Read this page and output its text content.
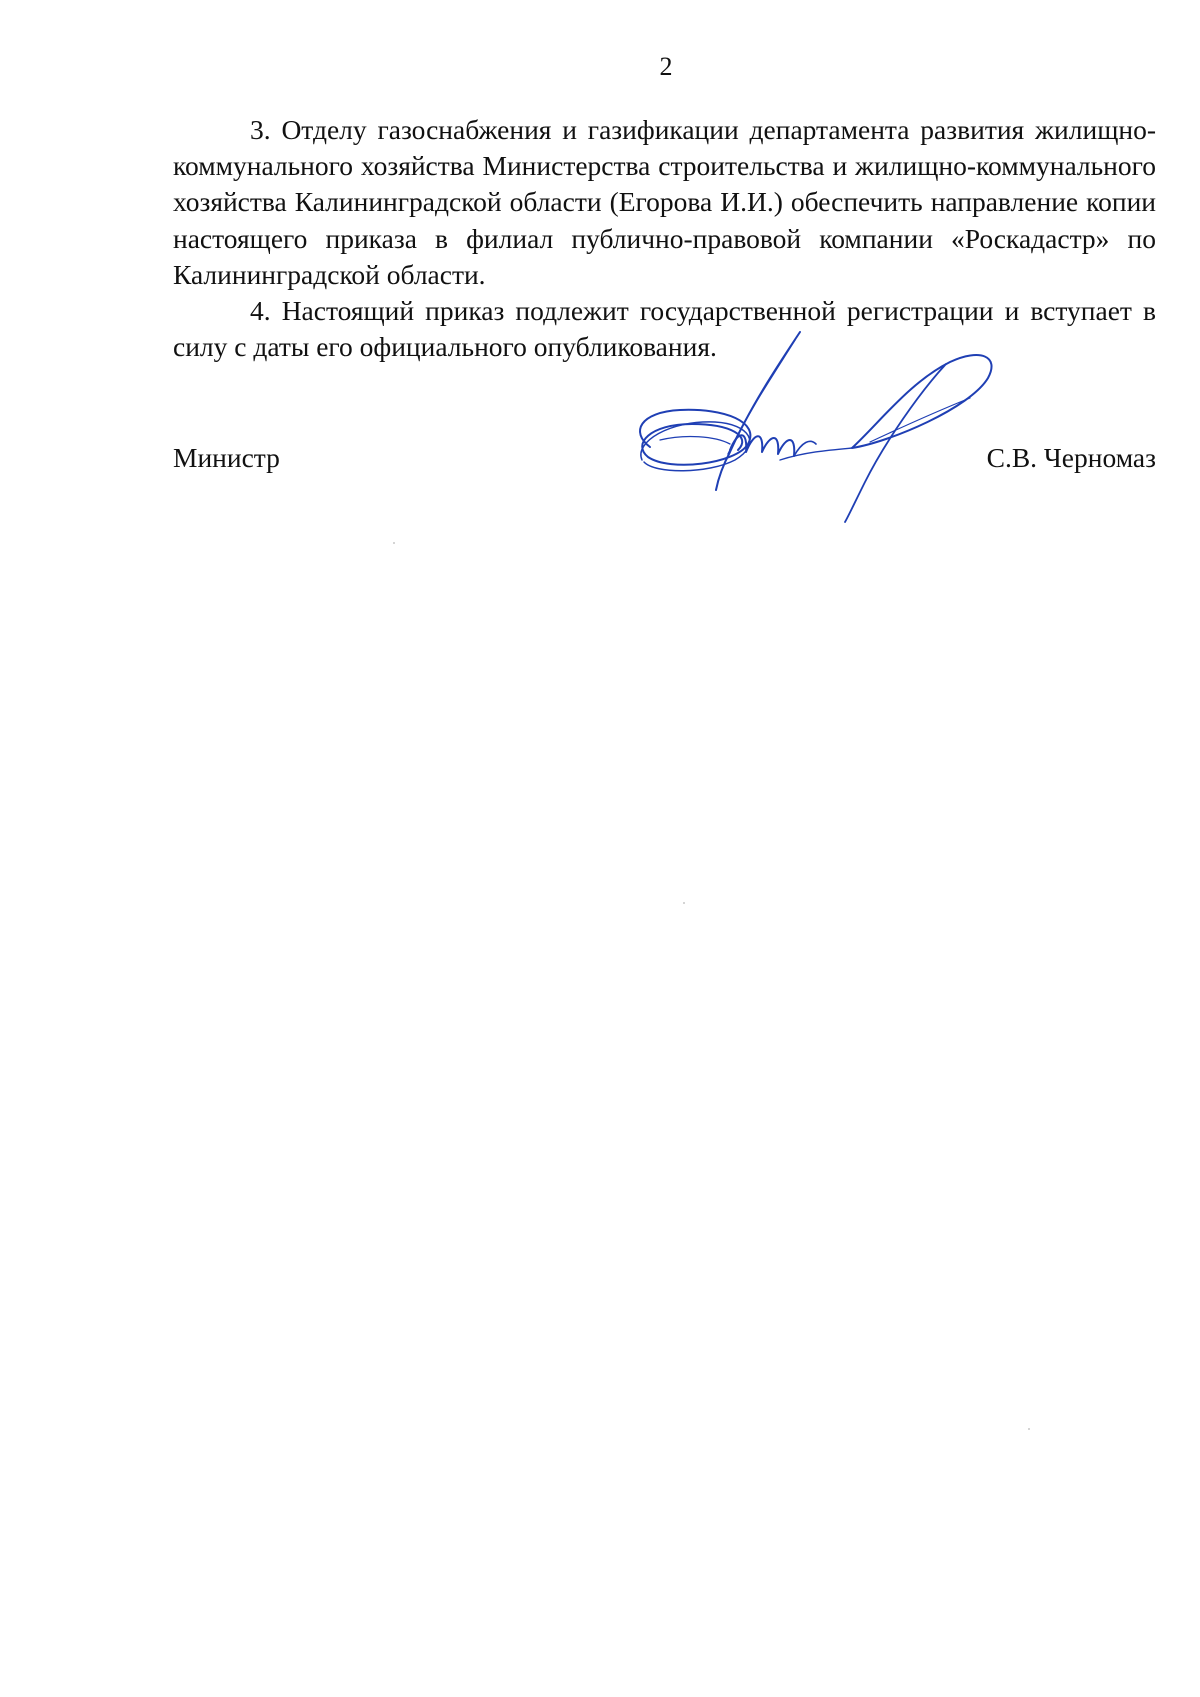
2

3. Отделу газоснабжения и газификации департамента развития жилищно-коммунального хозяйства Министерства строительства и жилищно-коммунального хозяйства Калининградской области (Егорова И.И.) обеспечить направление копии настоящего приказа в филиал публично-правовой компании «Роскадастр» по Калининградской области.

4. Настоящий приказ подлежит государственной регистрации и вступает в силу с даты его официального опубликования.

Министр	С.В. Черномаз
